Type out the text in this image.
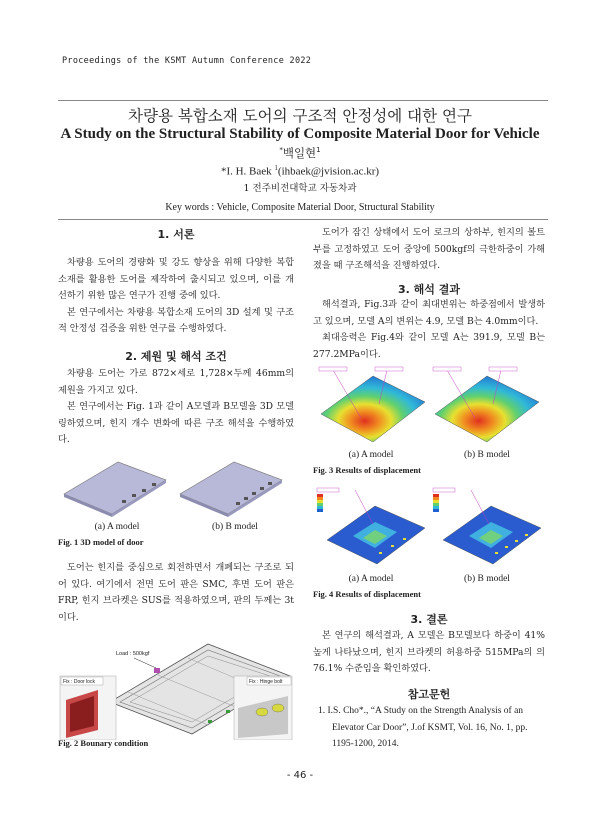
Proceedings of the KSMT Autumn Conference 2022
차량용 복합소재 도어의 구조적 안정성에 대한 연구
A Study on the Structural Stability of Composite Material Door for Vehicle
*백일현$^1$
*I. H. Baek $^1$(ihbaek@jvision.ac.kr)
1 전주비전대학교 자동차과
Key words : Vehicle, Composite Material Door, Structural Stability
1. 서론

차량용 도어의 경량화 및 강도 향상을 위해 다양한 복합소재를 활용한 도어를 제작하여 출시되고 있으며, 이를 개선하기 위한 많은 연구가 진행 중에 있다.

본 연구에서는 차량용 복합소재 도어의 3D 설계 및 구조적 안정성 검증을 위한 연구를 수행하였다.

2. 제원 및 해석 조건

차량용 도어는 가로 872×세로 1,728×두께 46mm의 제원을 가지고 있다.

본 연구에서는 Fig. 1과 같이 A모델과 B모델을 3D 모델링하였으며, 힌지 개수 변화에 따른 구조 해석을 수행하였다.

(a) A model	(b) B model
Fig. 1 3D model of door

도어는 힌지를 중심으로 회전하면서 개폐되는 구조로 되어 있다. 여기에서 전면 도어 판은 SMC, 후면 도어 판은 FRP, 힌지 브라켓은 SUS를 적용하였으며, 판의 두께는 3t이다.

Load : 500kgf
Fix : Door lock	Fix : Hinge bolt
Fig. 2 Bounary condition

도어가 잠긴 상태에서 도어 로크의 상하부, 힌지의 볼트부를 고정하였고 도어 중앙에 500kgf의 극한하중이 가해졌을 때 구조해석을 진행하였다.

3. 해석 결과

해석결과, Fig.3과 같이 최대변위는 하중점에서 발생하고 있으며, 모델 A의 변위는 4.9, 모델 B는 4.0mm이다.

최대응력은 Fig.4와 같이 모델 A는 391.9, 모델 B는 277.2MPa이다.

(a) A model	(b) B model
Fig. 3 Results of displacement
(a) A model	(b) B model
Fig. 4 Results of displacement
3. 결론

본 연구의 해석결과, A 모델은 B모델보다 하중이 41% 높게 나타났으며, 힌지 브라켓의 허용하중 515MPa의 의 76.1% 수준임을 확인하였다.

참고문헌
1. I.S. Cho*., “A Study on the Strength Analysis of an Elevator Car Door”, J.of KSMT, Vol. 16, No. 1, pp. 1195-1200, 2014.
- 46 -
